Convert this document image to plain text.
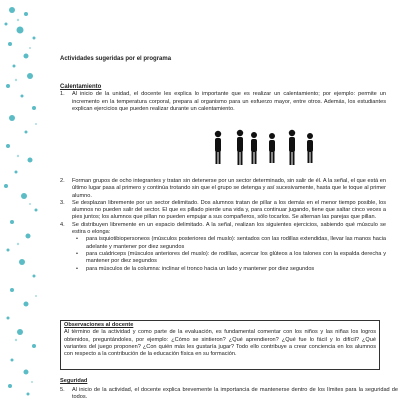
Actividades sugeridas por el programa
Calentamiento

1. Al inicio de la unidad, el docente les explica lo importante que es realizar un calentamiento; por ejemplo: permite un incremento en la temperatura corporal, prepara al organismo para un esfuerzo mayor, entre otros. Además, los estudiantes explican ejercicios que pueden realizar durante un calentamiento.

2. Forman grupos de ocho integrantes y tratan sin detenerse por un sector determinado, sin salir de él. A la señal, el que está en último lugar pasa al primero y continúa trotando sin que el grupo se detenga y así sucesivamente, hasta que le toque al primer alumno.

3. Se desplazan libremente por un sector delimitado. Dos alumnos tratan de pillar a los demás en el menor tiempo posible, los alumnos no pueden salir del sector. El que es pillado pierde una vida y, para continuar jugando, tiene que saltar cinco veces a pies juntos; los alumnos que pillan no pueden empujar a sus compañeros, sólo tocarlos. Se alternan las parejas que pillan.

4. Se distribuyen libremente en un espacio delimitado. A la señal, realizan los siguientes ejercicios, sabiendo qué músculo se estira o elonga:

• para isquiotibiopersoneos (músculos posteriores del muslo): sentados con las rodillas extendidas, llevar las manos hacia adelante y mantener por diez segundos

• para cuádriceps (músculos anteriores del muslo): de rodillas, acercar los glúteos a los talones con la espalda derecha y mantener por diez segundos

• para músculos de la columna: inclinar el tronco hacia un lado y mantener por diez segundos

Observaciones al docente
Al término de la actividad y como parte de la evaluación, es fundamental comentar con los niños y las niñas los logros obtenidos, preguntándoles, por ejemplo: ¿Cómo se sintieron? ¿Qué aprendieron? ¿Qué fue lo fácil y lo difícil? ¿Qué variantes del juego proponen? ¿Con quién más les gustaría jugar? Todo ello contribuye a crear conciencia en los alumnos con respecto a la contribución de la educación física en su formación.
Seguridad

5. Al inicio de la actividad, el docente explica brevemente la importancia de mantenerse dentro de los límites para la seguridad de todos.
